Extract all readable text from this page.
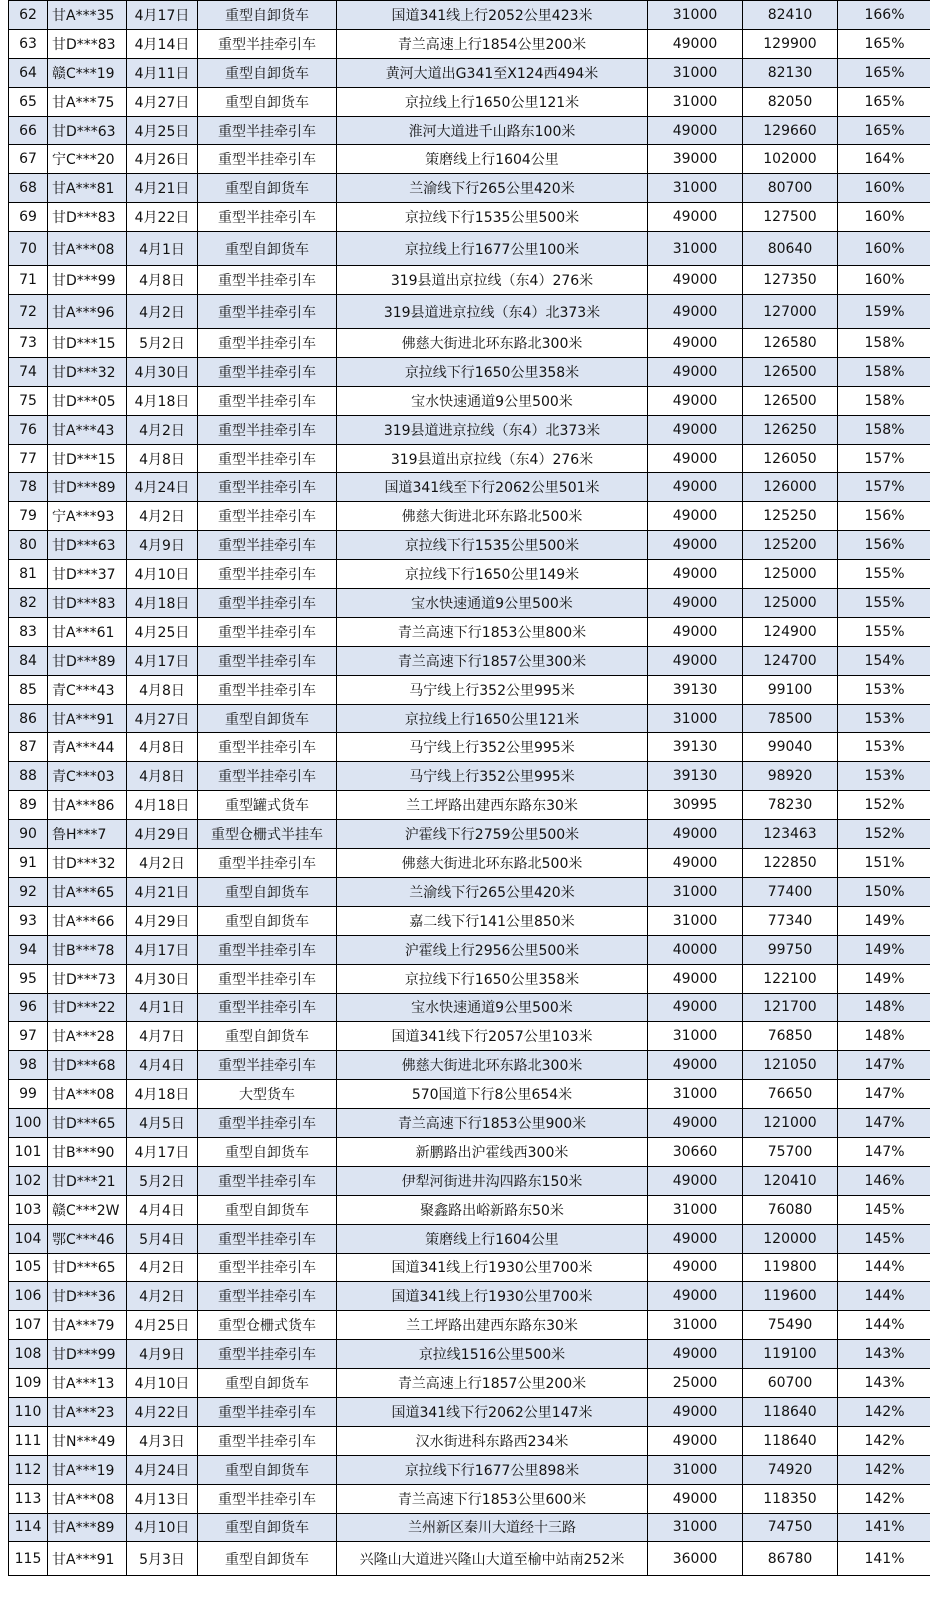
62	甘A***35	4月17日	重型自卸货车	国道341线上行2052公里423米	31000	82410	166%
63	甘D***83	4月14日	重型半挂牵引车	青兰高速上行1854公里200米	49000	129900	165%
64	赣C***19	4月11日	重型自卸货车	黄河大道出G341至X124西494米	31000	82130	165%
65	甘A***75	4月27日	重型自卸货车	京拉线上行1650公里121米	31000	82050	165%
66	甘D***63	4月25日	重型半挂牵引车	淮河大道进千山路东100米	49000	129660	165%
67	宁C***20	4月26日	重型半挂牵引车	策磨线上行1604公里	39000	102000	164%
68	甘A***81	4月21日	重型自卸货车	兰渝线下行265公里420米	31000	80700	160%
69	甘D***83	4月22日	重型半挂牵引车	京拉线下行1535公里500米	49000	127500	160%
70	甘A***08	4月1日	重型自卸货车	京拉线上行1677公里100米	31000	80640	160%
71	甘D***99	4月8日	重型半挂牵引车	319县道出京拉线（东4）276米	49000	127350	160%
72	甘A***96	4月2日	重型半挂牵引车	319县道进京拉线（东4）北373米	49000	127000	159%
73	甘D***15	5月2日	重型半挂牵引车	佛慈大街进北环东路北300米	49000	126580	158%
74	甘D***32	4月30日	重型半挂牵引车	京拉线下行1650公里358米	49000	126500	158%
75	甘D***05	4月18日	重型半挂牵引车	宝水快速通道9公里500米	49000	126500	158%
76	甘A***43	4月2日	重型半挂牵引车	319县道进京拉线（东4）北373米	49000	126250	158%
77	甘D***15	4月8日	重型半挂牵引车	319县道出京拉线（东4）276米	49000	126050	157%
78	甘D***89	4月24日	重型半挂牵引车	国道341线至下行2062公里501米	49000	126000	157%
79	宁A***93	4月2日	重型半挂牵引车	佛慈大街进北环东路北500米	49000	125250	156%
80	甘D***63	4月9日	重型半挂牵引车	京拉线下行1535公里500米	49000	125200	156%
81	甘D***37	4月10日	重型半挂牵引车	京拉线下行1650公里149米	49000	125000	155%
82	甘D***83	4月18日	重型半挂牵引车	宝水快速通道9公里500米	49000	125000	155%
83	甘A***61	4月25日	重型半挂牵引车	青兰高速下行1853公里800米	49000	124900	155%
84	甘D***89	4月17日	重型半挂牵引车	青兰高速下行1857公里300米	49000	124700	154%
85	青C***43	4月8日	重型半挂牵引车	马宁线上行352公里995米	39130	99100	153%
86	甘A***91	4月27日	重型自卸货车	京拉线上行1650公里121米	31000	78500	153%
87	青A***44	4月8日	重型半挂牵引车	马宁线上行352公里995米	39130	99040	153%
88	青C***03	4月8日	重型半挂牵引车	马宁线上行352公里995米	39130	98920	153%
89	甘A***86	4月18日	重型罐式货车	兰工坪路出建西东路东30米	30995	78230	152%
90	鲁H***7	4月29日	重型仓栅式半挂车	沪霍线下行2759公里500米	49000	123463	152%
91	甘D***32	4月2日	重型半挂牵引车	佛慈大街进北环东路北500米	49000	122850	151%
92	甘A***65	4月21日	重型自卸货车	兰渝线下行265公里420米	31000	77400	150%
93	甘A***66	4月29日	重型自卸货车	嘉二线下行141公里850米	31000	77340	149%
94	甘B***78	4月17日	重型半挂牵引车	沪霍线上行2956公里500米	40000	99750	149%
95	甘D***73	4月30日	重型半挂牵引车	京拉线下行1650公里358米	49000	122100	149%
96	甘D***22	4月1日	重型半挂牵引车	宝水快速通道9公里500米	49000	121700	148%
97	甘A***28	4月7日	重型自卸货车	国道341线下行2057公里103米	31000	76850	148%
98	甘D***68	4月4日	重型半挂牵引车	佛慈大街进北环东路北300米	49000	121050	147%
99	甘A***08	4月18日	大型货车	570国道下行8公里654米	31000	76650	147%
100	甘D***65	4月5日	重型半挂牵引车	青兰高速下行1853公里900米	49000	121000	147%
101	甘B***90	4月17日	重型自卸货车	新鹏路出沪霍线西300米	30660	75700	147%
102	甘D***21	5月2日	重型半挂牵引车	伊犁河街进井沟四路东150米	49000	120410	146%
103	赣C***2W	4月4日	重型自卸货车	聚鑫路出峪新路东50米	31000	76080	145%
104	鄂C***46	5月4日	重型半挂牵引车	策磨线上行1604公里	49000	120000	145%
105	甘D***65	4月2日	重型半挂牵引车	国道341线上行1930公里700米	49000	119800	144%
106	甘D***36	4月2日	重型半挂牵引车	国道341线上行1930公里700米	49000	119600	144%
107	甘A***79	4月25日	重型仓栅式货车	兰工坪路出建西东路东30米	31000	75490	144%
108	甘D***99	4月9日	重型半挂牵引车	京拉线1516公里500米	49000	119100	143%
109	甘A***13	4月10日	重型自卸货车	青兰高速上行1857公里200米	25000	60700	143%
110	甘A***23	4月22日	重型半挂牵引车	国道341线下行2062公里147米	49000	118640	142%
111	甘N***49	4月3日	重型半挂牵引车	汉水街进科东路西234米	49000	118640	142%
112	甘A***19	4月24日	重型自卸货车	京拉线下行1677公里898米	31000	74920	142%
113	甘A***08	4月13日	重型半挂牵引车	青兰高速下行1853公里600米	49000	118350	142%
114	甘A***89	4月10日	重型自卸货车	兰州新区秦川大道经十三路	31000	74750	141%
115	甘A***91	5月3日	重型自卸货车	兴隆山大道进兴隆山大道至榆中站南252米	36000	86780	141%
